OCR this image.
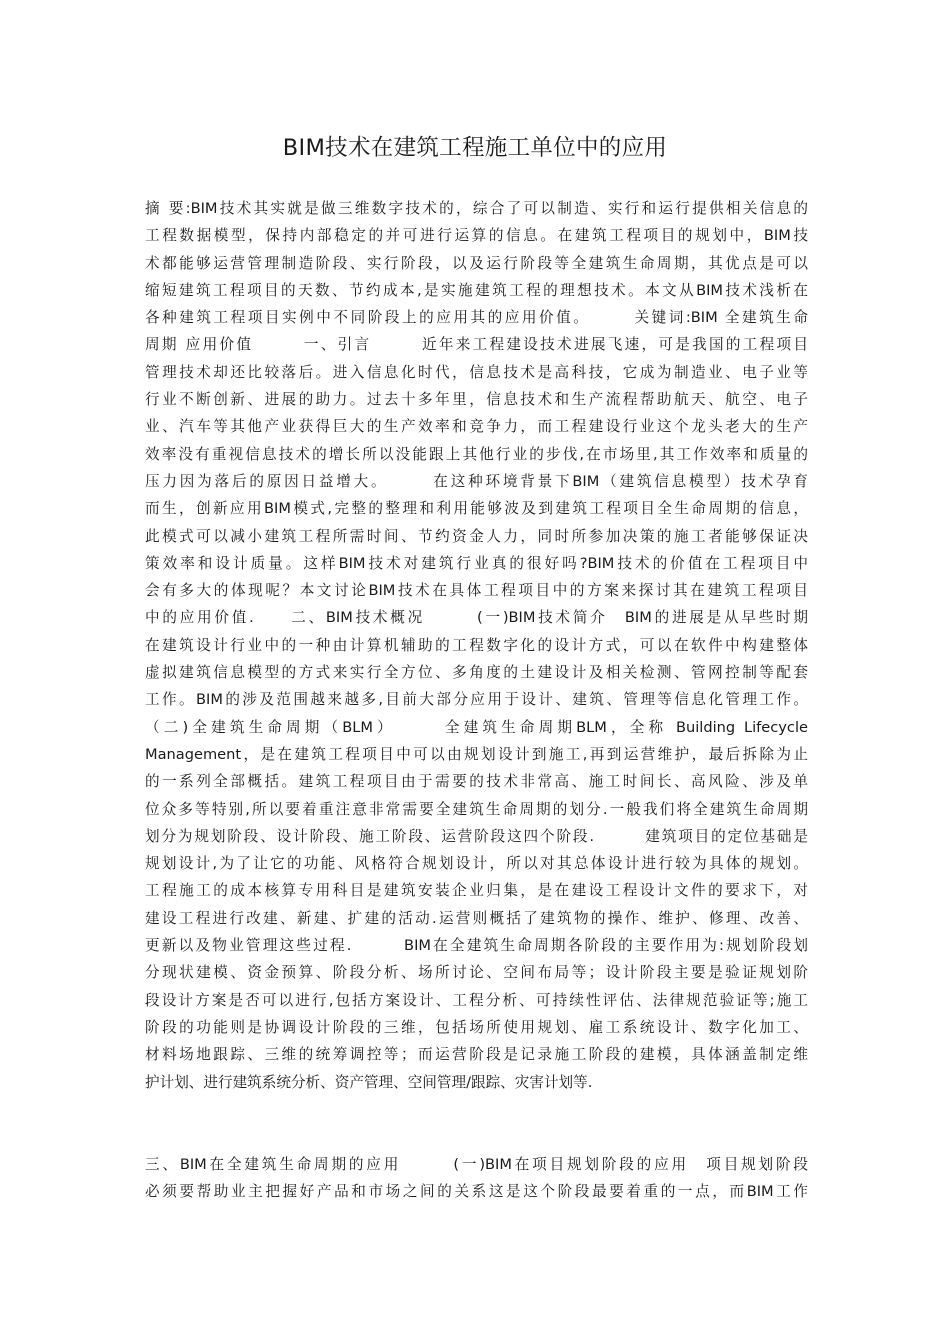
BIM技术在建筑工程施工单位中的应用
摘 要:BIM技术其实就是做三维数字技术的，综合了可以制造、实行和运行提供相关信息的
工程数据模型，保持内部稳定的并可进行运算的信息。在建筑工程项目的规划中，BIM技
术都能够运营管理制造阶段、实行阶段，以及运行阶段等全建筑生命周期，其优点是可以
缩短建筑工程项目的天数、节约成本,是实施建筑工程的理想技术。本文从BIM技术浅析在
各种建筑工程项目实例中不同阶段上的应用其的应用价值。　　　关键词:BIM 全建筑生命
周期 应用价值　　　一、引言　　　近年来工程建设技术进展飞速，可是我国的工程项目
管理技术却还比较落后。进入信息化时代，信息技术是高科技，它成为制造业、电子业等
行业不断创新、进展的助力。过去十多年里，信息技术和生产流程帮助航天、航空、电子
业、汽车等其他产业获得巨大的生产效率和竞争力，而工程建设行业这个龙头老大的生产
效率没有重视信息技术的增长所以没能跟上其他行业的步伐,在市场里,其工作效率和质量的
压力因为落后的原因日益增大。　　　在这种环境背景下BIM（建筑信息模型）技术孕育
而生，创新应用BIM模式,完整的整理和利用能够波及到建筑工程项目全生命周期的信息，
此模式可以减小建筑工程所需时间、节约资金人力，同时所参加决策的施工者能够保证决
策效率和设计质量。这样BIM技术对建筑行业真的很好吗?BIM技术的价值在工程项目中
会有多大的体现呢？本文讨论BIM技术在具体工程项目中的方案来探讨其在建筑工程项目
中的应用价值.　　二、BIM技术概况　　　(一)BIM技术简介　BIM的进展是从早些时期
在建筑设计行业中的一种由计算机辅助的工程数字化的设计方式，可以在软件中构建整体
虚拟建筑信息模型的方式来实行全方位、多角度的土建设计及相关检测、管网控制等配套
工作。BIM的涉及范围越来越多,目前大部分应用于设计、建筑、管理等信息化管理工作。
（二)全建筑生命周期（BLM）　　　全建筑生命周期BLM，全称 Building Lifecycle
Management，是在建筑工程项目中可以由规划设计到施工,再到运营维护，最后拆除为止
的一系列全部概括。建筑工程项目由于需要的技术非常高、施工时间长、高风险、涉及单
位众多等特别,所以要着重注意非常需要全建筑生命周期的划分.一般我们将全建筑生命周期
划分为规划阶段、设计阶段、施工阶段、运营阶段这四个阶段.　　　建筑项目的定位基础是
规划设计,为了让它的功能、风格符合规划设计，所以对其总体设计进行较为具体的规划。
工程施工的成本核算专用科目是建筑安装企业归集，是在建设工程设计文件的要求下，对
建设工程进行改建、新建、扩建的活动.运营则概括了建筑物的操作、维护、修理、改善、
更新以及物业管理这些过程.　　　BIM在全建筑生命周期各阶段的主要作用为:规划阶段划
分现状建模、资金预算、阶段分析、场所讨论、空间布局等；设计阶段主要是验证规划阶
段设计方案是否可以进行,包括方案设计、工程分析、可持续性评估、法律规范验证等;施工
阶段的功能则是协调设计阶段的三维，包括场所使用规划、雇工系统设计、数字化加工、
材料场地跟踪、三维的统筹调控等；而运营阶段是记录施工阶段的建模，具体涵盖制定维
护计划、进行建筑系统分析、资产管理、空间管理/跟踪、灾害计划等.
三、BIM在全建筑生命周期的应用　　　(一)BIM在项目规划阶段的应用　项目规划阶段
必须要帮助业主把握好产品和市场之间的关系这是这个阶段最要着重的一点，而BIM工作
